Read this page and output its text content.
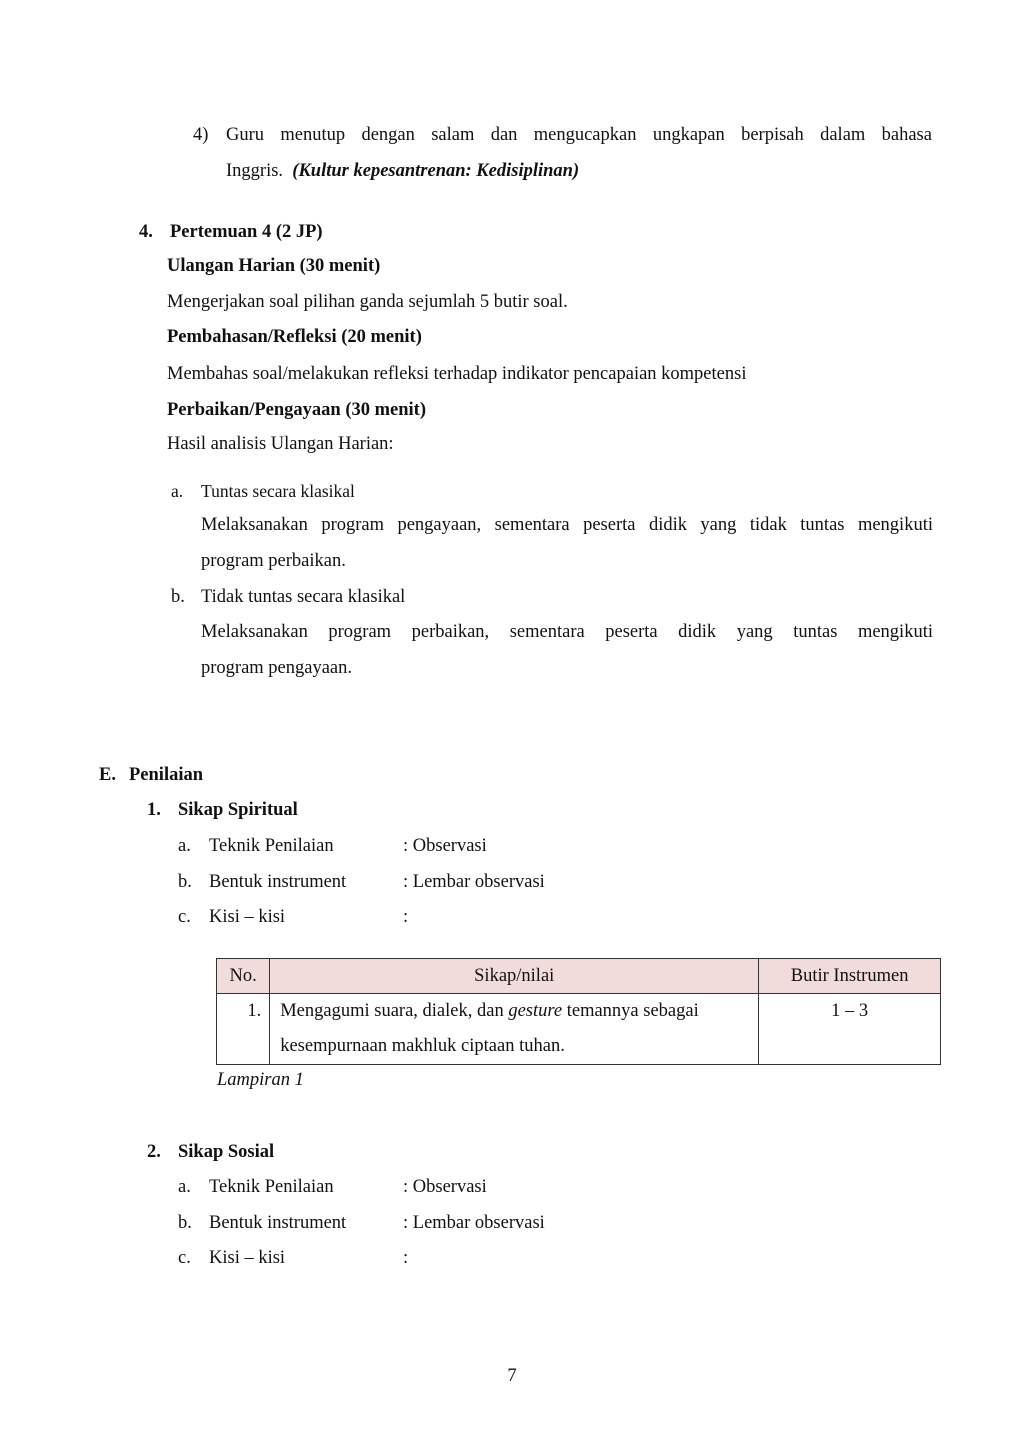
4) Guru menutup dengan salam dan mengucapkan ungkapan berpisah dalam bahasa
Inggris. (Kultur kepesantrenan: Kedisiplinan)
4. Pertemuan 4 (2 JP)
Ulangan Harian (30 menit)
Mengerjakan soal pilihan ganda sejumlah 5 butir soal.
Pembahasan/Refleksi (20 menit)
Membahas soal/melakukan refleksi terhadap indikator pencapaian kompetensi
Perbaikan/Pengayaan (30 menit)
Hasil analisis Ulangan Harian:
a. Tuntas secara klasikal
Melaksanakan program pengayaan, sementara peserta didik yang tidak tuntas mengikuti
program perbaikan.
b. Tidak tuntas secara klasikal
Melaksanakan program perbaikan, sementara peserta didik yang tuntas mengikuti
program pengayaan.
E. Penilaian
1. Sikap Spiritual
a. Teknik Penilaian	: Observasi
b. Bentuk instrument	: Lembar observasi
c. Kisi – kisi	:
No.	Sikap/nilai	Butir Instrumen

1.	Mengagumi suara, dialek, dan gesture temannya sebagai
kesempurnaan makhluk ciptaan tuhan.	1 – 3
Lampiran 1
2. Sikap Sosial
a. Teknik Penilaian	: Observasi
b. Bentuk instrument	: Lembar observasi
c. Kisi – kisi	:
7
